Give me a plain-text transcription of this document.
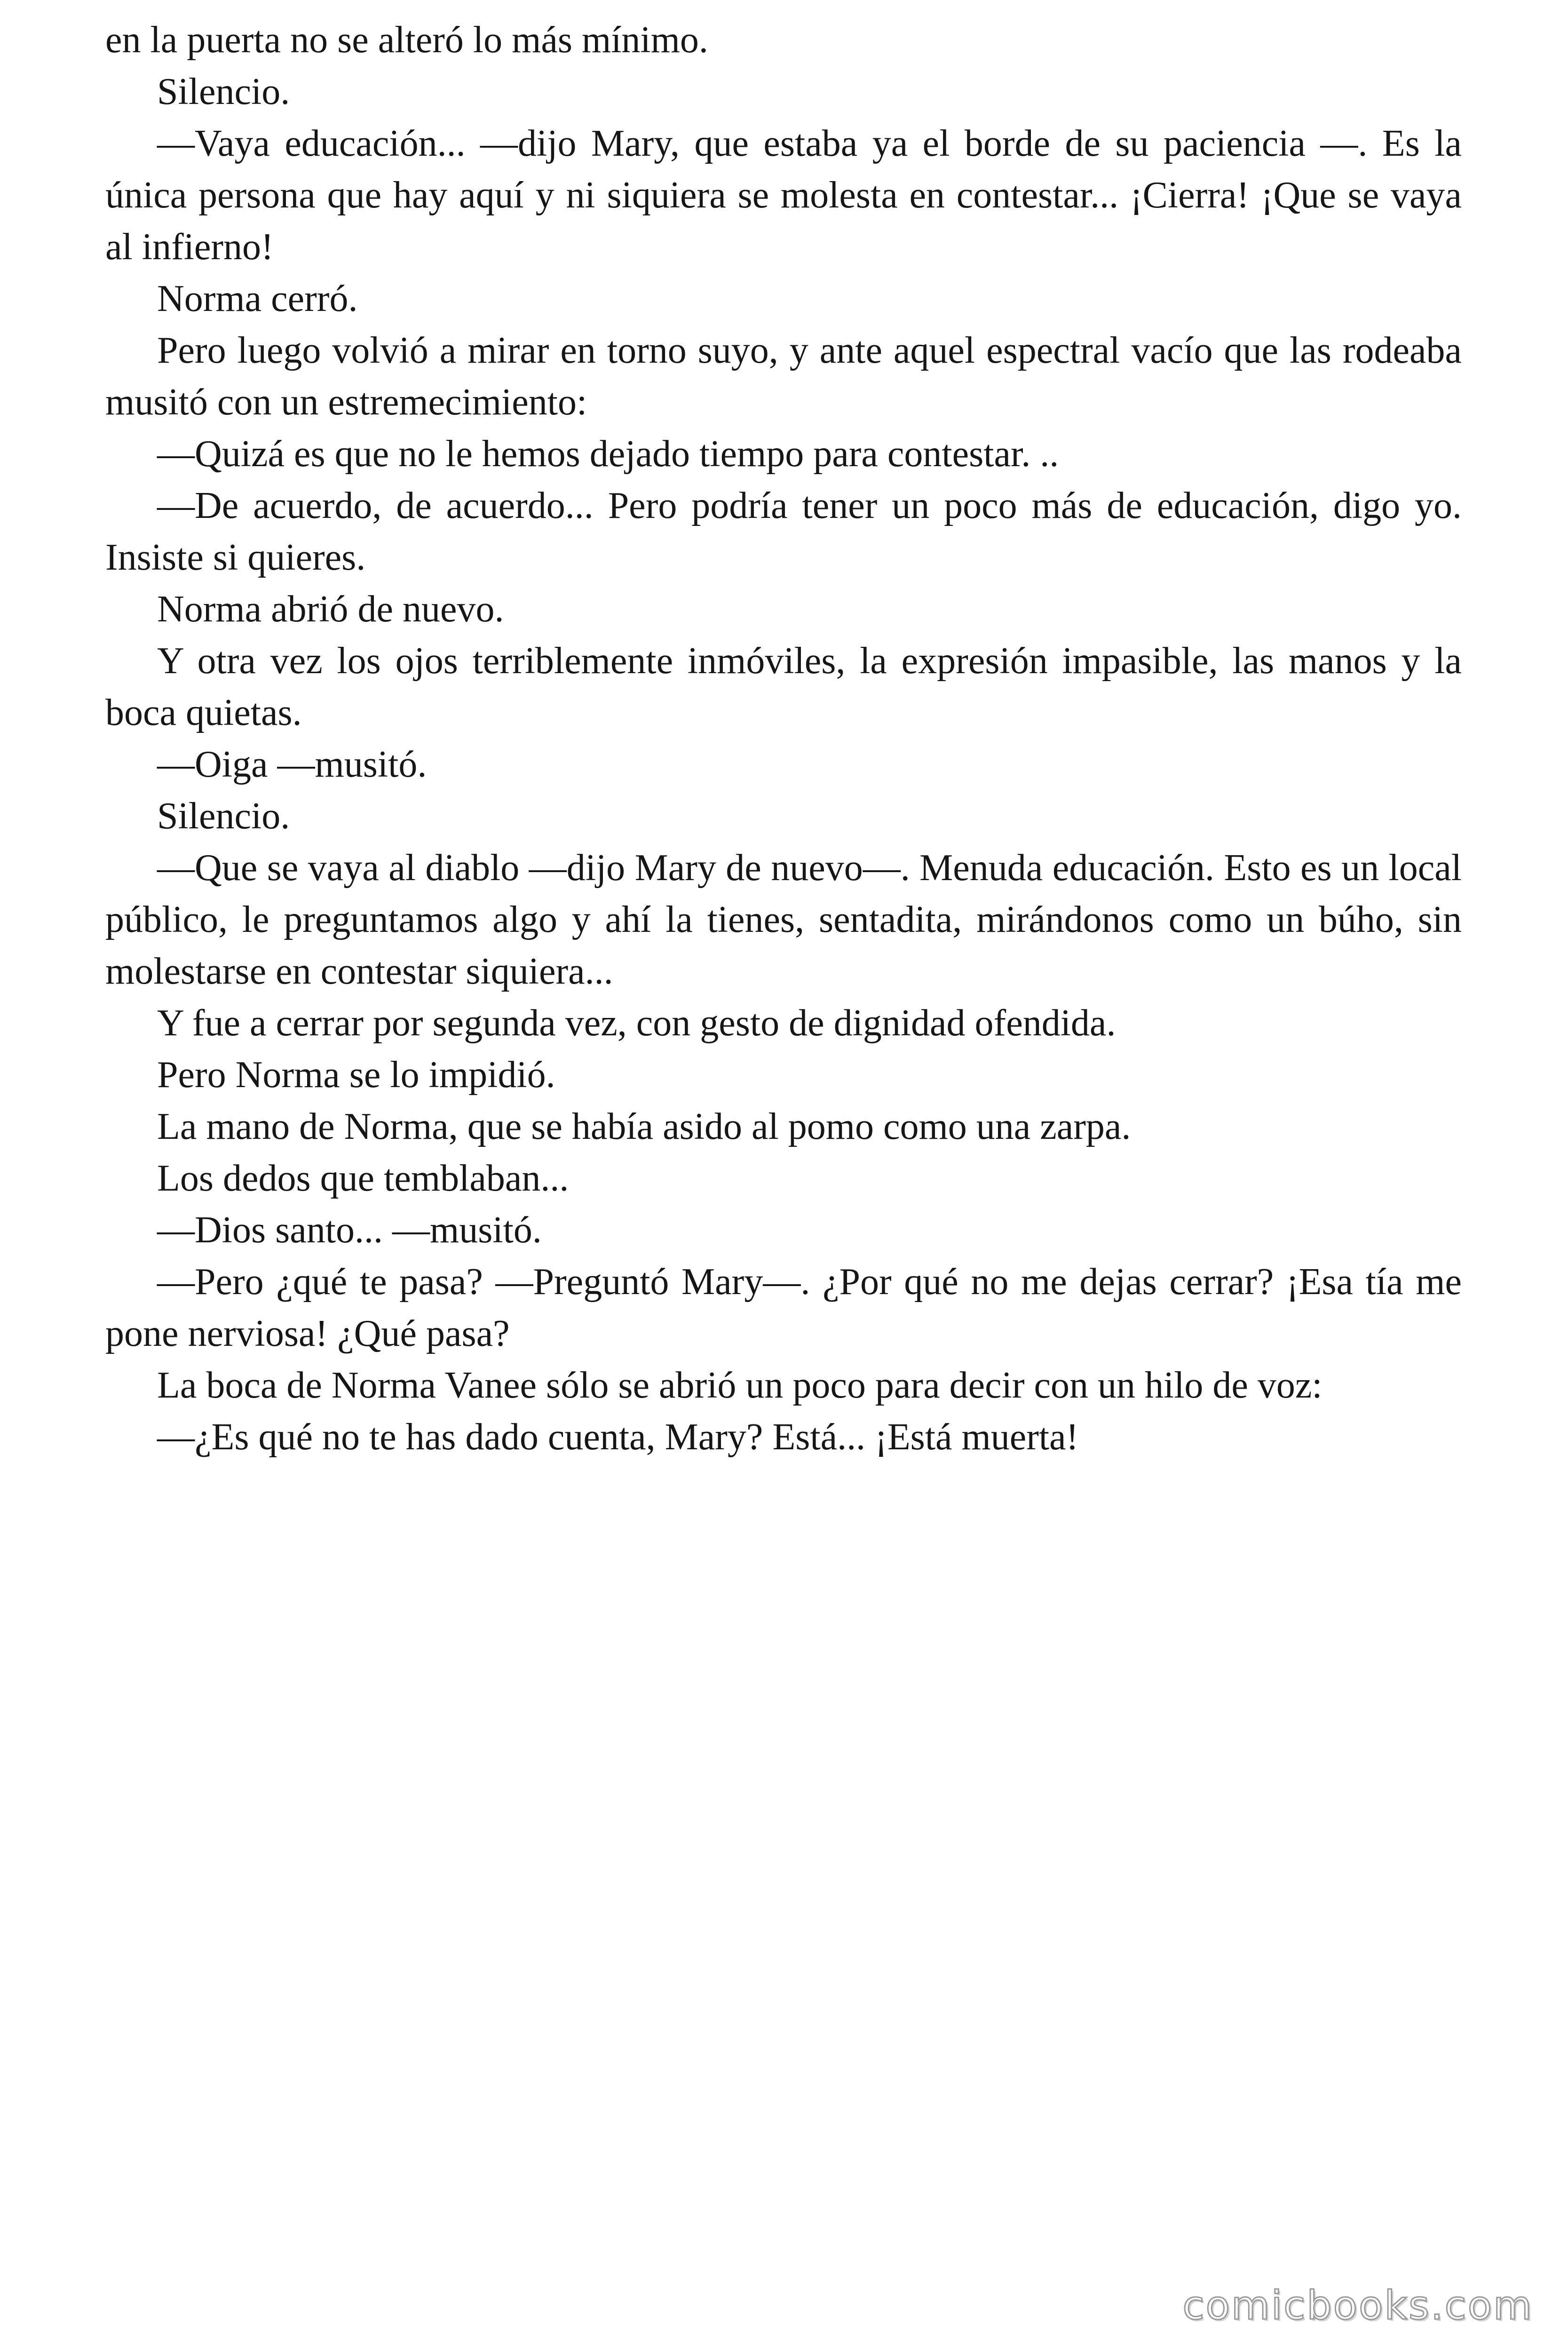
en la puerta no se alteró lo más mínimo.

Silencio.

—Vaya educación... —dijo Mary, que estaba ya el borde de su paciencia —. Es la única persona que hay aquí y ni siquiera se molesta en contestar... ¡Cierra! ¡Que se vaya al infierno!

Norma cerró.

Pero luego volvió a mirar en torno suyo, y ante aquel espectral vacío que las rodeaba musitó con un estremecimiento:

—Quizá es que no le hemos dejado tiempo para contestar. ..

—De acuerdo, de acuerdo... Pero podría tener un poco más de educación, digo yo. Insiste si quieres.

Norma abrió de nuevo.

Y otra vez los ojos terriblemente inmóviles, la expresión impasible, las manos y la boca quietas.

—Oiga —musitó.

Silencio.

—Que se vaya al diablo —dijo Mary de nuevo—. Menuda educación. Esto es un local público, le preguntamos algo y ahí la tienes, sentadita, mirándonos como un búho, sin molestarse en contestar siquiera...

Y fue a cerrar por segunda vez, con gesto de dignidad ofendida.

Pero Norma se lo impidió.

La mano de Norma, que se había asido al pomo como una zarpa.

Los dedos que temblaban...

—Dios santo... —musitó.

—Pero ¿qué te pasa? —Preguntó Mary—. ¿Por qué no me dejas cerrar? ¡Esa tía me pone nerviosa! ¿Qué pasa?

La boca de Norma Vanee sólo se abrió un poco para decir con un hilo de voz:

—¿Es qué no te has dado cuenta, Mary? Está... ¡Está muerta!

comicbooks.com
